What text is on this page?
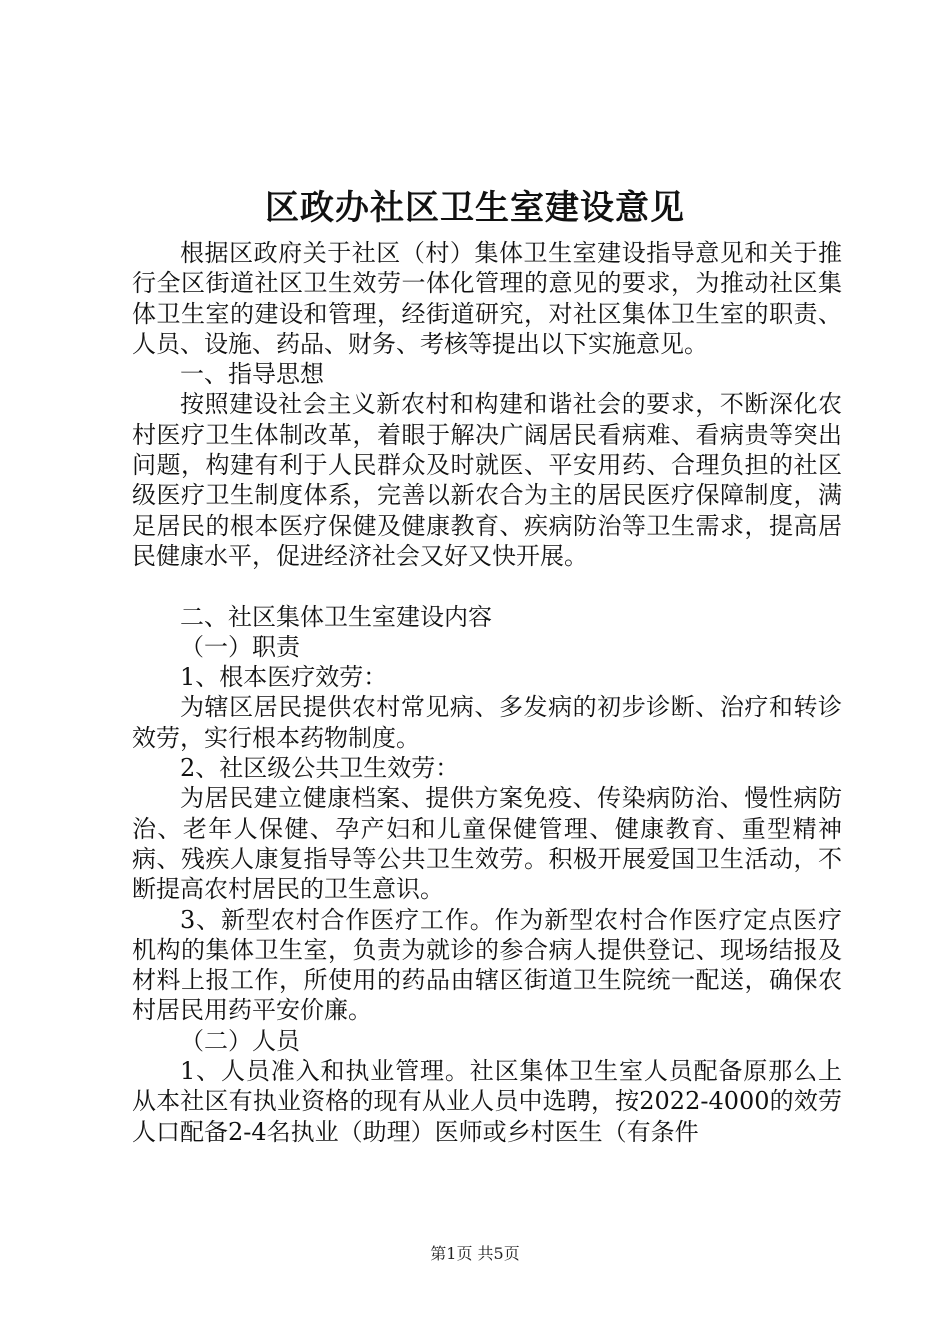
区政办社区卫生室建设意见

根据区政府关于社区（村）集体卫生室建设指导意见和关于推行全区街道社区卫生效劳一体化管理的意见的要求，为推动社区集体卫生室的建设和管理，经街道研究，对社区集体卫生室的职责、人员、设施、药品、财务、考核等提出以下实施意见。

一、指导思想

按照建设社会主义新农村和构建和谐社会的要求，不断深化农村医疗卫生体制改革，着眼于解决广阔居民看病难、看病贵等突出问题，构建有利于人民群众及时就医、平安用药、合理负担的社区级医疗卫生制度体系，完善以新农合为主的居民医疗保障制度，满足居民的根本医疗保健及健康教育、疾病防治等卫生需求，提高居民健康水平，促进经济社会又好又快开展。

二、社区集体卫生室建设内容

（一）职责

1、根本医疗效劳：

为辖区居民提供农村常见病、多发病的初步诊断、治疗和转诊效劳，实行根本药物制度。

2、社区级公共卫生效劳：

为居民建立健康档案、提供方案免疫、传染病防治、慢性病防治、老年人保健、孕产妇和儿童保健管理、健康教育、重型精神病、残疾人康复指导等公共卫生效劳。积极开展爱国卫生活动，不断提高农村居民的卫生意识。

3、新型农村合作医疗工作。作为新型农村合作医疗定点医疗机构的集体卫生室，负责为就诊的参合病人提供登记、现场结报及材料上报工作，所使用的药品由辖区街道卫生院统一配送，确保农村居民用药平安价廉。

（二）人员

1、人员准入和执业管理。社区集体卫生室人员配备原那么上从本社区有执业资格的现有从业人员中选聘，按2022-4000的效劳人口配备2-4名执业（助理）医师或乡村医生（有条件

第1页 共5页
